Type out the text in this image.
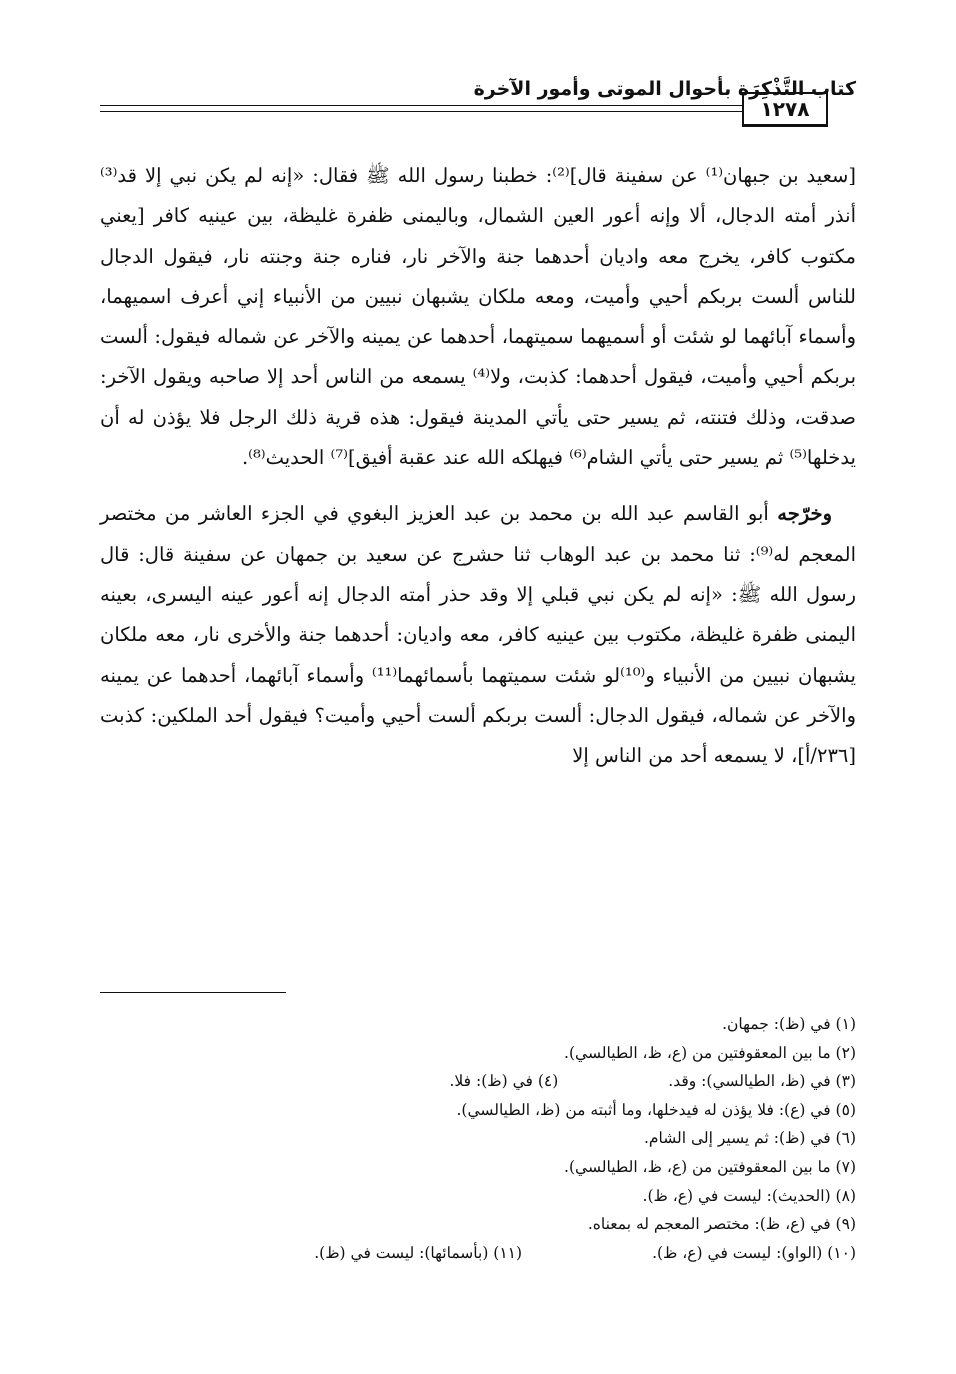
كتاب التَّذْكِرَة بأحوال الموتى وأمور الآخرة
١٢٧٨

[سعيد بن جبهان⁽¹⁾ عن سفينة قال]⁽²⁾: خطبنا رسول الله ﷺ فقال: «إنه لم يكن نبي إلا قد⁽³⁾ أنذر أمته الدجال، ألا وإنه أعور العين الشمال، وباليمنى ظفرة غليظة، بين عينيه كافر [يعني مكتوب كافر، يخرج معه واديان أحدهما جنة والآخر نار، فناره جنة وجنته نار، فيقول الدجال للناس ألست بربكم أحيي وأميت، ومعه ملكان يشبهان نبيين من الأنبياء إني أعرف اسميهما، وأسماء آبائهما لو شئت أو أسميهما سميتهما، أحدهما عن يمينه والآخر عن شماله فيقول: ألست بربكم أحيي وأميت، فيقول أحدهما: كذبت، ولا⁽⁴⁾ يسمعه من الناس أحد إلا صاحبه ويقول الآخر: صدقت، وذلك فتنته، ثم يسير حتى يأتي المدينة فيقول: هذه قرية ذلك الرجل فلا يؤذن له أن يدخلها⁽⁵⁾ ثم يسير حتى يأتي الشام⁽⁶⁾ فيهلكه الله عند عقبة أفيق]⁽⁷⁾ الحديث⁽⁸⁾.

وخرّجه أبو القاسم عبد الله بن محمد بن عبد العزيز البغوي في الجزء العاشر من مختصر المعجم له⁽⁹⁾: ثنا محمد بن عبد الوهاب ثنا حشرج عن سعيد بن جمهان عن سفينة قال: قال رسول الله ﷺ: «إنه لم يكن نبي قبلي إلا وقد حذر أمته الدجال إنه أعور عينه اليسرى، بعينه اليمنى ظفرة غليظة، مكتوب بين عينيه كافر، معه واديان: أحدهما جنة والأخرى نار، معه ملكان يشبهان نبيين من الأنبياء و⁽¹⁰⁾لو شئت سميتهما بأسمائهما⁽¹¹⁾ وأسماء آبائهما، أحدهما عن يمينه والآخر عن شماله، فيقول الدجال: ألست بربكم ألست أحيي وأميت؟ فيقول أحد الملكين: كذبت [٢٣٦/أ]، لا يسمعه أحد من الناس إلا

(١) في (ظ): جمهان.
(٢) ما بين المعقوفتين من (ع، ظ، الطيالسي).
(٣) في (ظ، الطيالسي): وقد.(٤) في (ظ): فلا.
(٥) في (ع): فلا يؤذن له فيدخلها، وما أثبته من (ظ، الطيالسي).
(٦) في (ظ): ثم يسير إلى الشام.
(٧) ما بين المعقوفتين من (ع، ظ، الطيالسي).
(٨) (الحديث): ليست في (ع، ظ).
(٩) في (ع، ظ): مختصر المعجم له بمعناه.
(١٠) (الواو): ليست في (ع، ظ).(١١) (بأسمائها): ليست في (ظ).
